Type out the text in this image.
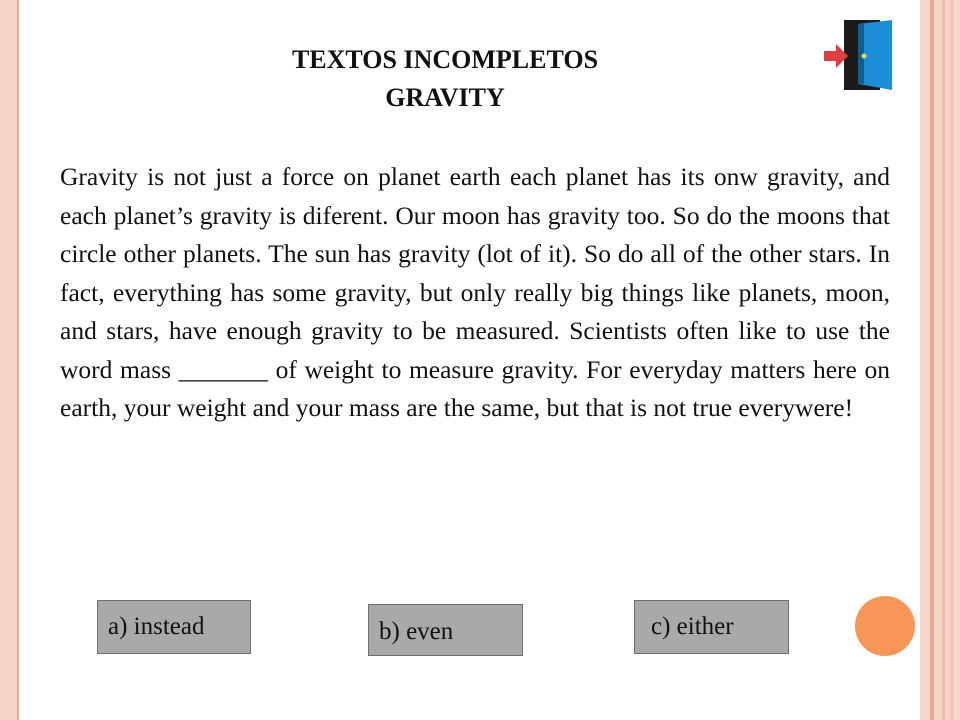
TEXTOS INCOMPLETOS
GRAVITY
Gravity is not just a force on planet earth each planet has its onw gravity, and each planet’s gravity is diferent. Our moon has gravity too. So do the moons that circle other planets. The sun has gravity (lot of it). So do all of the other stars. In fact, everything has some gravity, but only really big things like planets, moon, and stars, have enough gravity to be measured. Scientists often like to use the word mass _______ of weight to measure gravity. For everyday matters here on earth, your weight and your mass are the same, but that is not true everywere!
a) instead	b) even	c) either
